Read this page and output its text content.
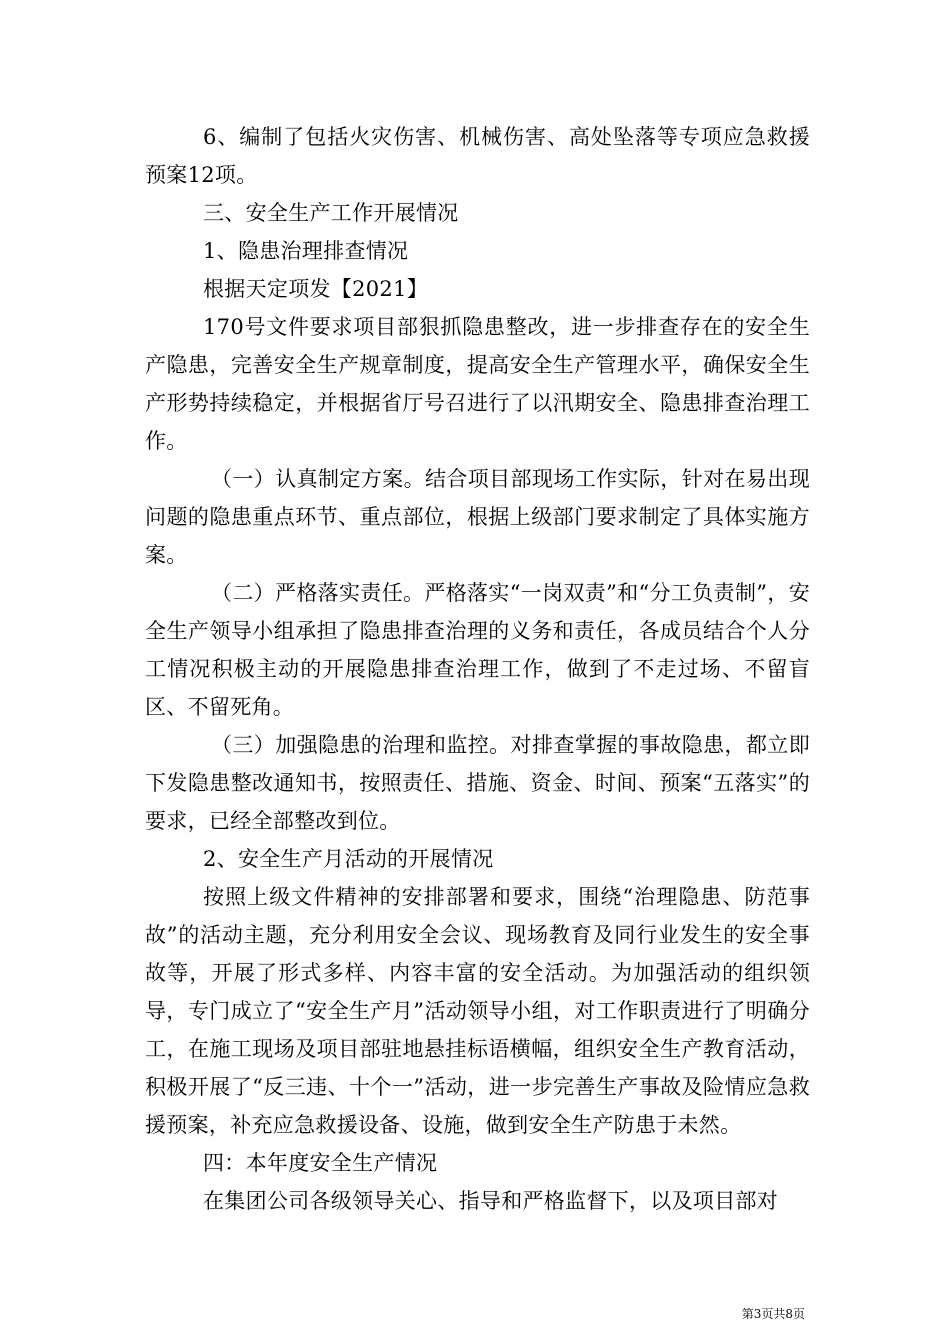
6、编制了包括火灾伤害、机械伤害、高处坠落等专项应急救援预案12项。

三、安全生产工作开展情况

1、隐患治理排查情况

根据天定项发【2021】

170号文件要求项目部狠抓隐患整改，进一步排查存在的安全生产隐患，完善安全生产规章制度，提高安全生产管理水平，确保安全生产形势持续稳定，并根据省厅号召进行了以汛期安全、隐患排查治理工作。

（一）认真制定方案。结合项目部现场工作实际，针对在易出现问题的隐患重点环节、重点部位，根据上级部门要求制定了具体实施方案。

（二）严格落实责任。严格落实“一岗双责”和“分工负责制”，安全生产领导小组承担了隐患排查治理的义务和责任，各成员结合个人分工情况积极主动的开展隐患排查治理工作，做到了不走过场、不留盲区、不留死角。

（三）加强隐患的治理和监控。对排查掌握的事故隐患，都立即下发隐患整改通知书，按照责任、措施、资金、时间、预案“五落实”的要求，已经全部整改到位。

2、安全生产月活动的开展情况

按照上级文件精神的安排部署和要求，围绕“治理隐患、防范事故”的活动主题，充分利用安全会议、现场教育及同行业发生的安全事故等，开展了形式多样、内容丰富的安全活动。为加强活动的组织领导，专门成立了“安全生产月”活动领导小组，对工作职责进行了明确分工，在施工现场及项目部驻地悬挂标语横幅，组织安全生产教育活动，积极开展了“反三违、十个一”活动，进一步完善生产事故及险情应急救援预案，补充应急救援设备、设施，做到安全生产防患于未然。

四：本年度安全生产情况

在集团公司各级领导关心、指导和严格监督下，以及项目部对

第3页共8页
